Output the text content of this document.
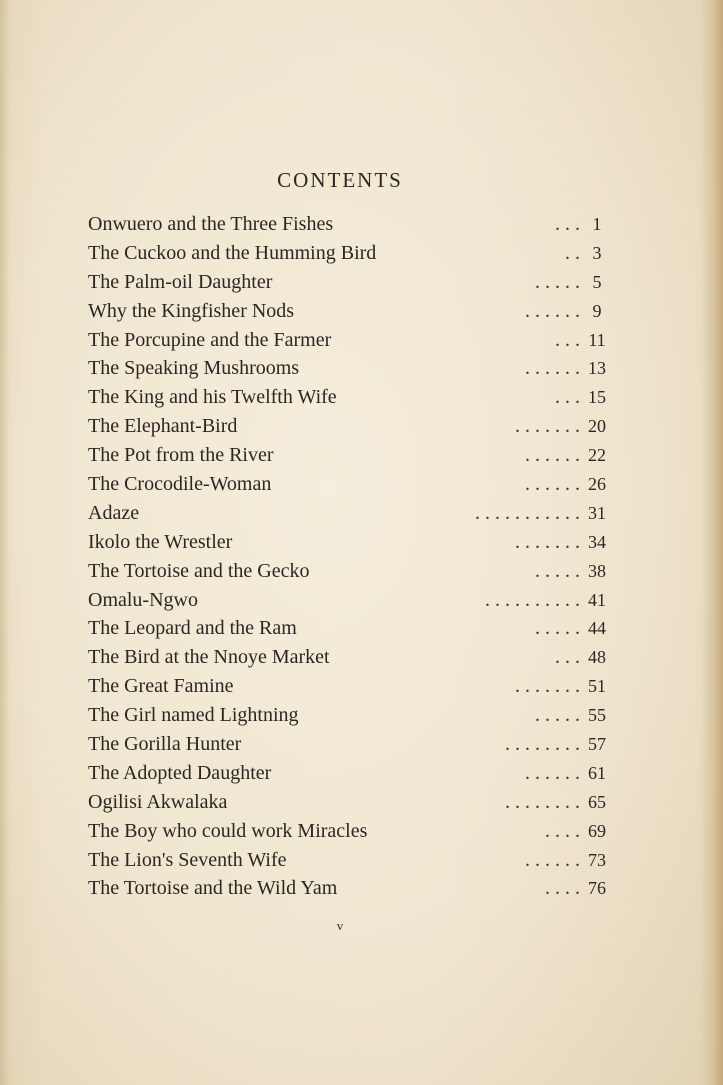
CONTENTS
Onwuero and the Three Fishes	. . . 1
The Cuckoo and the Humming Bird	. . 3
The Palm-oil Daughter	. . . . . 5
Why the Kingfisher Nods	. . . . . . 9
The Porcupine and the Farmer	. . . 11
The Speaking Mushrooms	. . . . . . 13
The King and his Twelfth Wife	. . . 15
The Elephant-Bird	. . . . . . . 20
The Pot from the River	. . . . . . 22
The Crocodile-Woman	. . . . . . 26
Adaze	. . . . . . . . . . . 31
Ikolo the Wrestler	. . . . . . . 34
The Tortoise and the Gecko	. . . . . 38
Omalu-Ngwo	. . . . . . . . . . 41
The Leopard and the Ram	. . . . . 44
The Bird at the Nnoye Market	. . . 48
The Great Famine	. . . . . . . 51
The Girl named Lightning	. . . . . 55
The Gorilla Hunter	. . . . . . . . 57
The Adopted Daughter	. . . . . . 61
Ogilisi Akwalaka	. . . . . . . . 65
The Boy who could work Miracles	. . . . 69
The Lion's Seventh Wife	. . . . . . 73
The Tortoise and the Wild Yam	. . . . 76
v
